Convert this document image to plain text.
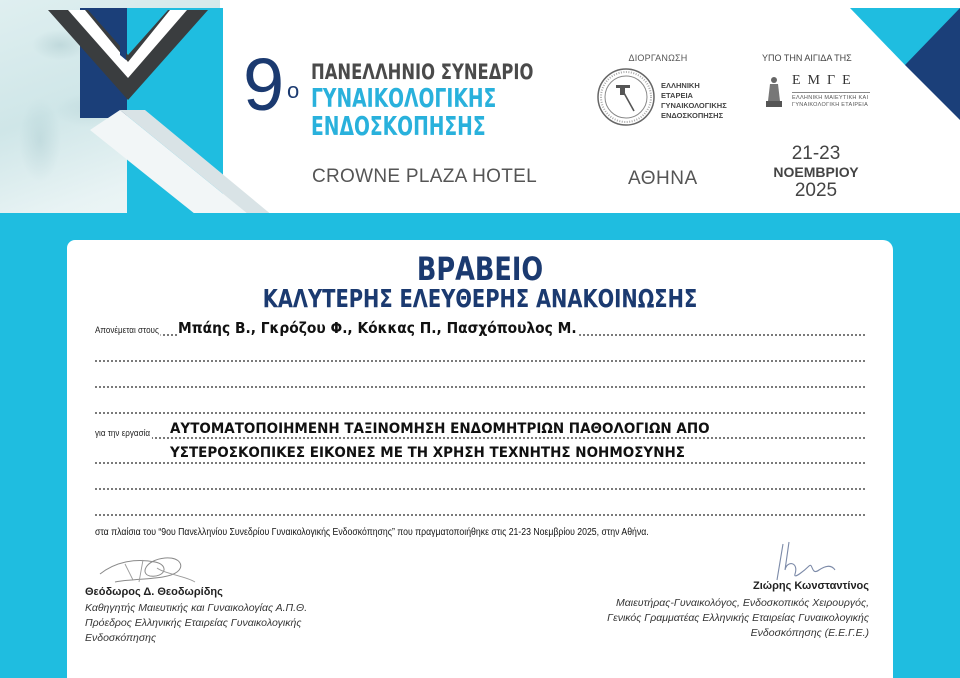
9 ο
ΠΑΝΕΛΛΗΝΙΟ ΣΥΝΕΔΡΙΟ
ΓΥΝΑΙΚΟΛΟΓΙΚΗΣ
ΕΝΔΟΣΚΟΠΗΣΗΣ
CROWNE PLAZA HOTEL
ΔΙΟΡΓΑΝΩΣΗ
ΕΛΛΗΝΙΚΗ
ΕΤΑΡΕΙΑ
ΓΥΝΑΙΚΟΛΟΓΙΚΗΣ
ΕΝΔΟΣΚΟΠΗΣΗΣ
ΑΘΗΝΑ
ΥΠΟ ΤΗΝ ΑΙΓΙΔΑ ΤΗΣ
ΕΜΓΕ
ΕΛΛΗΝΙΚΗ ΜΑΙΕΥΤΙΚΗ ΚΑΙ
ΓΥΝΑΙΚΟΛΟΓΙΚΗ ΕΤΑΙΡΕΙΑ
21-23
ΝΟΕΜΒΡΙΟΥ
2025
ΒΡΑΒΕΙΟ
ΚΑΛΥΤΕΡΗΣ ΕΛΕΥΘΕΡΗΣ ΑΝΑΚΟΙΝΩΣΗΣ
Απονέμεται στους Μπάης Β., Γκρόζου Φ., Κόκκας Π., Πασχόπουλος Μ.
για την εργασία ΑΥΤΟΜΑΤΟΠΟΙΗΜΕΝΗ ΤΑΞΙΝΟΜΗΣΗ ΕΝΔΟΜΗΤΡΙΩΝ ΠΑΘΟΛΟΓΙΩΝ ΑΠΟ
ΥΣΤΕΡΟΣΚΟΠΙΚΕΣ ΕΙΚΟΝΕΣ ΜΕ ΤΗ ΧΡΗΣΗ ΤΕΧΝΗΤΗΣ ΝΟΗΜΟΣΥΝΗΣ
στα πλαίσια του “9ου Πανελληνίου Συνεδρίου Γυναικολογικής Ενδοσκόπησης” που πραγματοποιήθηκε στις 21-23 Νοεμβρίου 2025, στην Αθήνα.
Θεόδωρος Δ. Θεοδωρίδης
Καθηγητής Μαιευτικής και Γυναικολογίας Α.Π.Θ.
Πρόεδρος Ελληνικής Εταιρείας Γυναικολογικής
Ενδοσκόπησης
Ζιώρης Κωνσταντίνος
Μαιευτήρας-Γυναικολόγος, Ενδοσκοπικός Χειρουργός,
Γενικός Γραμματέας Ελληνικής Εταιρείας Γυναικολογικής
Ενδοσκόπησης (Ε.Ε.Γ.Ε.)
